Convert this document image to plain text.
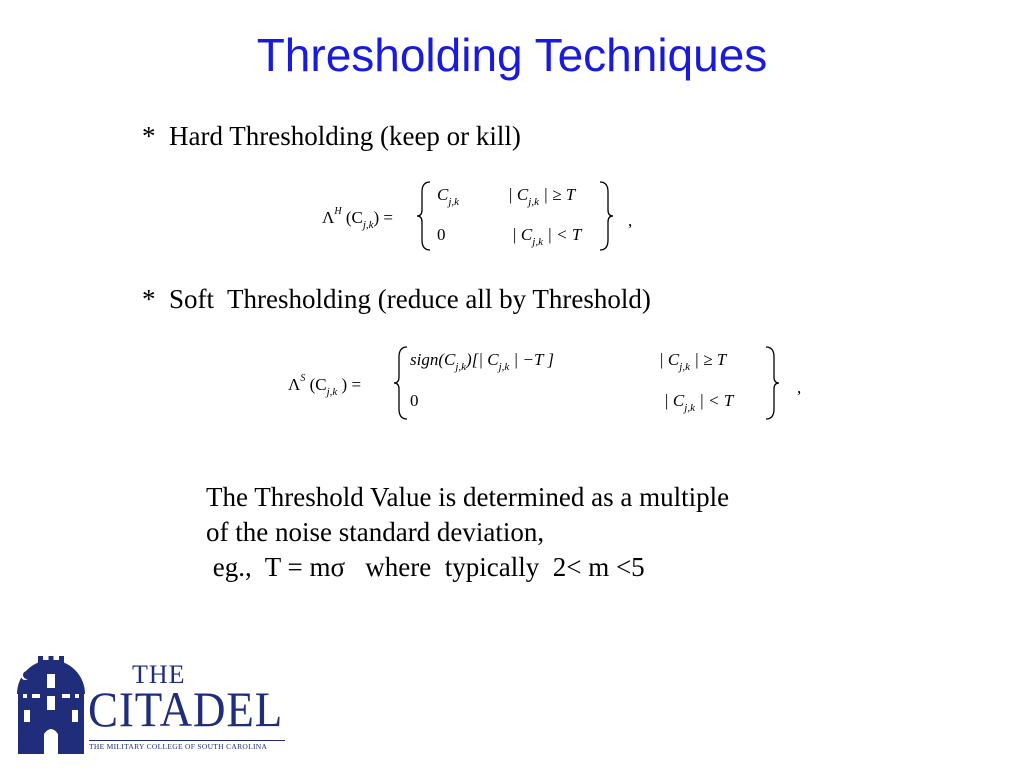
Thresholding Techniques
*  Hard Thresholding (keep or kill)
$\Lambda^H$ $(C_{j,k})$ =
$C_{j,k}$	| $C_{j,k}$ | ≥ T
0	| $C_{j,k}$ | < T
,
*  Soft  Thresholding (reduce all by Threshold)
$\Lambda^S$ ($C_{j,k}$ ) =
$sign(C_{j,k})[|$ $C_{j,k}$ | −T ]	| $C_{j,k}$ | ≥ T
0	| $C_{j,k}$ | < T
,
The Threshold Value is determined as a multiple
of the noise standard deviation,
eg.,  T = mσ   where  typically  2< m <5
THE
CITADEL
THE MILITARY COLLEGE OF SOUTH CAROLINA
